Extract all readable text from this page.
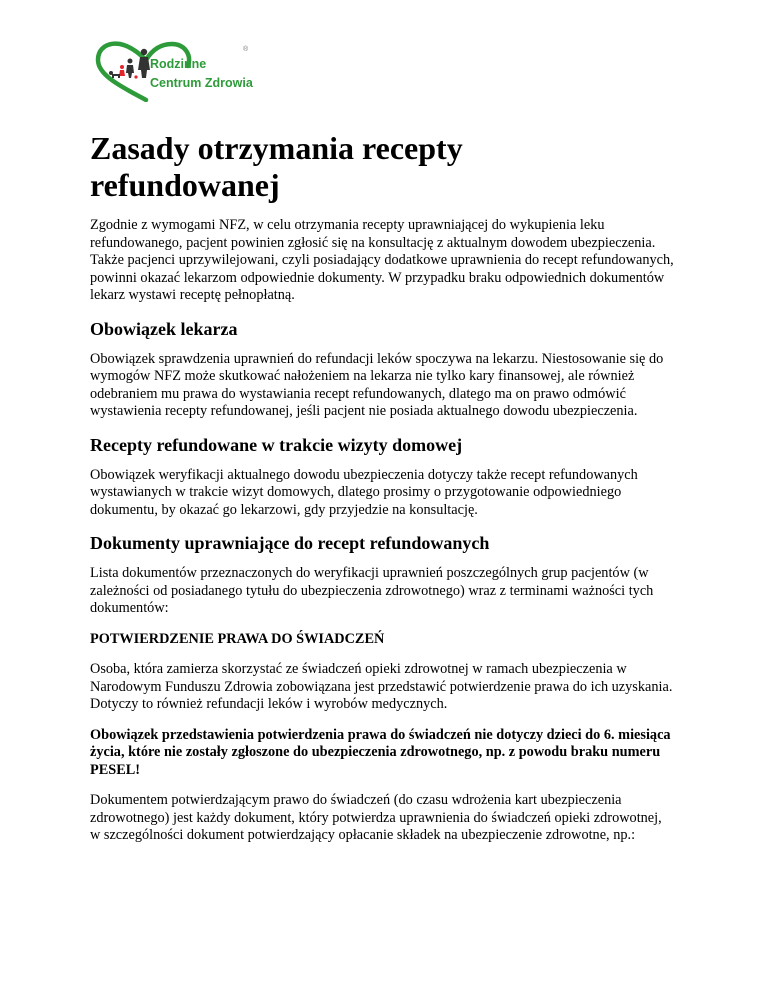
Rodzinne
Centrum Zdrowia
®
Zasady otrzymania recepty
refundowanej

Zgodnie z wymogami NFZ, w celu otrzymania recepty uprawniającej do wykupienia leku refundowanego, pacjent powinien zgłosić się na konsultację z aktualnym dowodem ubezpieczenia. Także pacjenci uprzywilejowani, czyli posiadający dodatkowe uprawnienia do recept refundowanych, powinni okazać lekarzom odpowiednie dokumenty. W przypadku braku odpowiednich dokumentów lekarz wystawi receptę pełnopłatną.

Obowiązek lekarza

Obowiązek sprawdzenia uprawnień do refundacji leków spoczywa na lekarzu. Niestosowanie się do wymogów NFZ może skutkować nałożeniem na lekarza nie tylko kary finansowej, ale również odebraniem mu prawa do wystawiania recept refundowanych, dlatego ma on prawo odmówić wystawienia recepty refundowanej, jeśli pacjent nie posiada aktualnego dowodu ubezpieczenia.

Recepty refundowane w trakcie wizyty domowej

Obowiązek weryfikacji aktualnego dowodu ubezpieczenia dotyczy także recept refundowanych wystawianych w trakcie wizyt domowych, dlatego prosimy o przygotowanie odpowiedniego dokumentu, by okazać go lekarzowi, gdy przyjedzie na konsultację.

Dokumenty uprawniające do recept refundowanych

Lista dokumentów przeznaczonych do weryfikacji uprawnień poszczególnych grup pacjentów (w zależności od posiadanego tytułu do ubezpieczenia zdrowotnego) wraz z terminami ważności tych dokumentów:

POTWIERDZENIE PRAWA DO ŚWIADCZEŃ

Osoba, która zamierza skorzystać ze świadczeń opieki zdrowotnej w ramach ubezpieczenia w Narodowym Funduszu Zdrowia zobowiązana jest przedstawić potwierdzenie prawa do ich uzyskania. Dotyczy to również refundacji leków i wyrobów medycznych.

Obowiązek przedstawienia potwierdzenia prawa do świadczeń nie dotyczy dzieci do 6. miesiąca życia, które nie zostały zgłoszone do ubezpieczenia zdrowotnego, np. z powodu braku numeru PESEL!

Dokumentem potwierdzającym prawo do świadczeń (do czasu wdrożenia kart ubezpieczenia zdrowotnego) jest każdy dokument, który potwierdza uprawnienia do świadczeń opieki zdrowotnej,
w szczególności dokument potwierdzający opłacanie składek na ubezpieczenie zdrowotne, np.:
